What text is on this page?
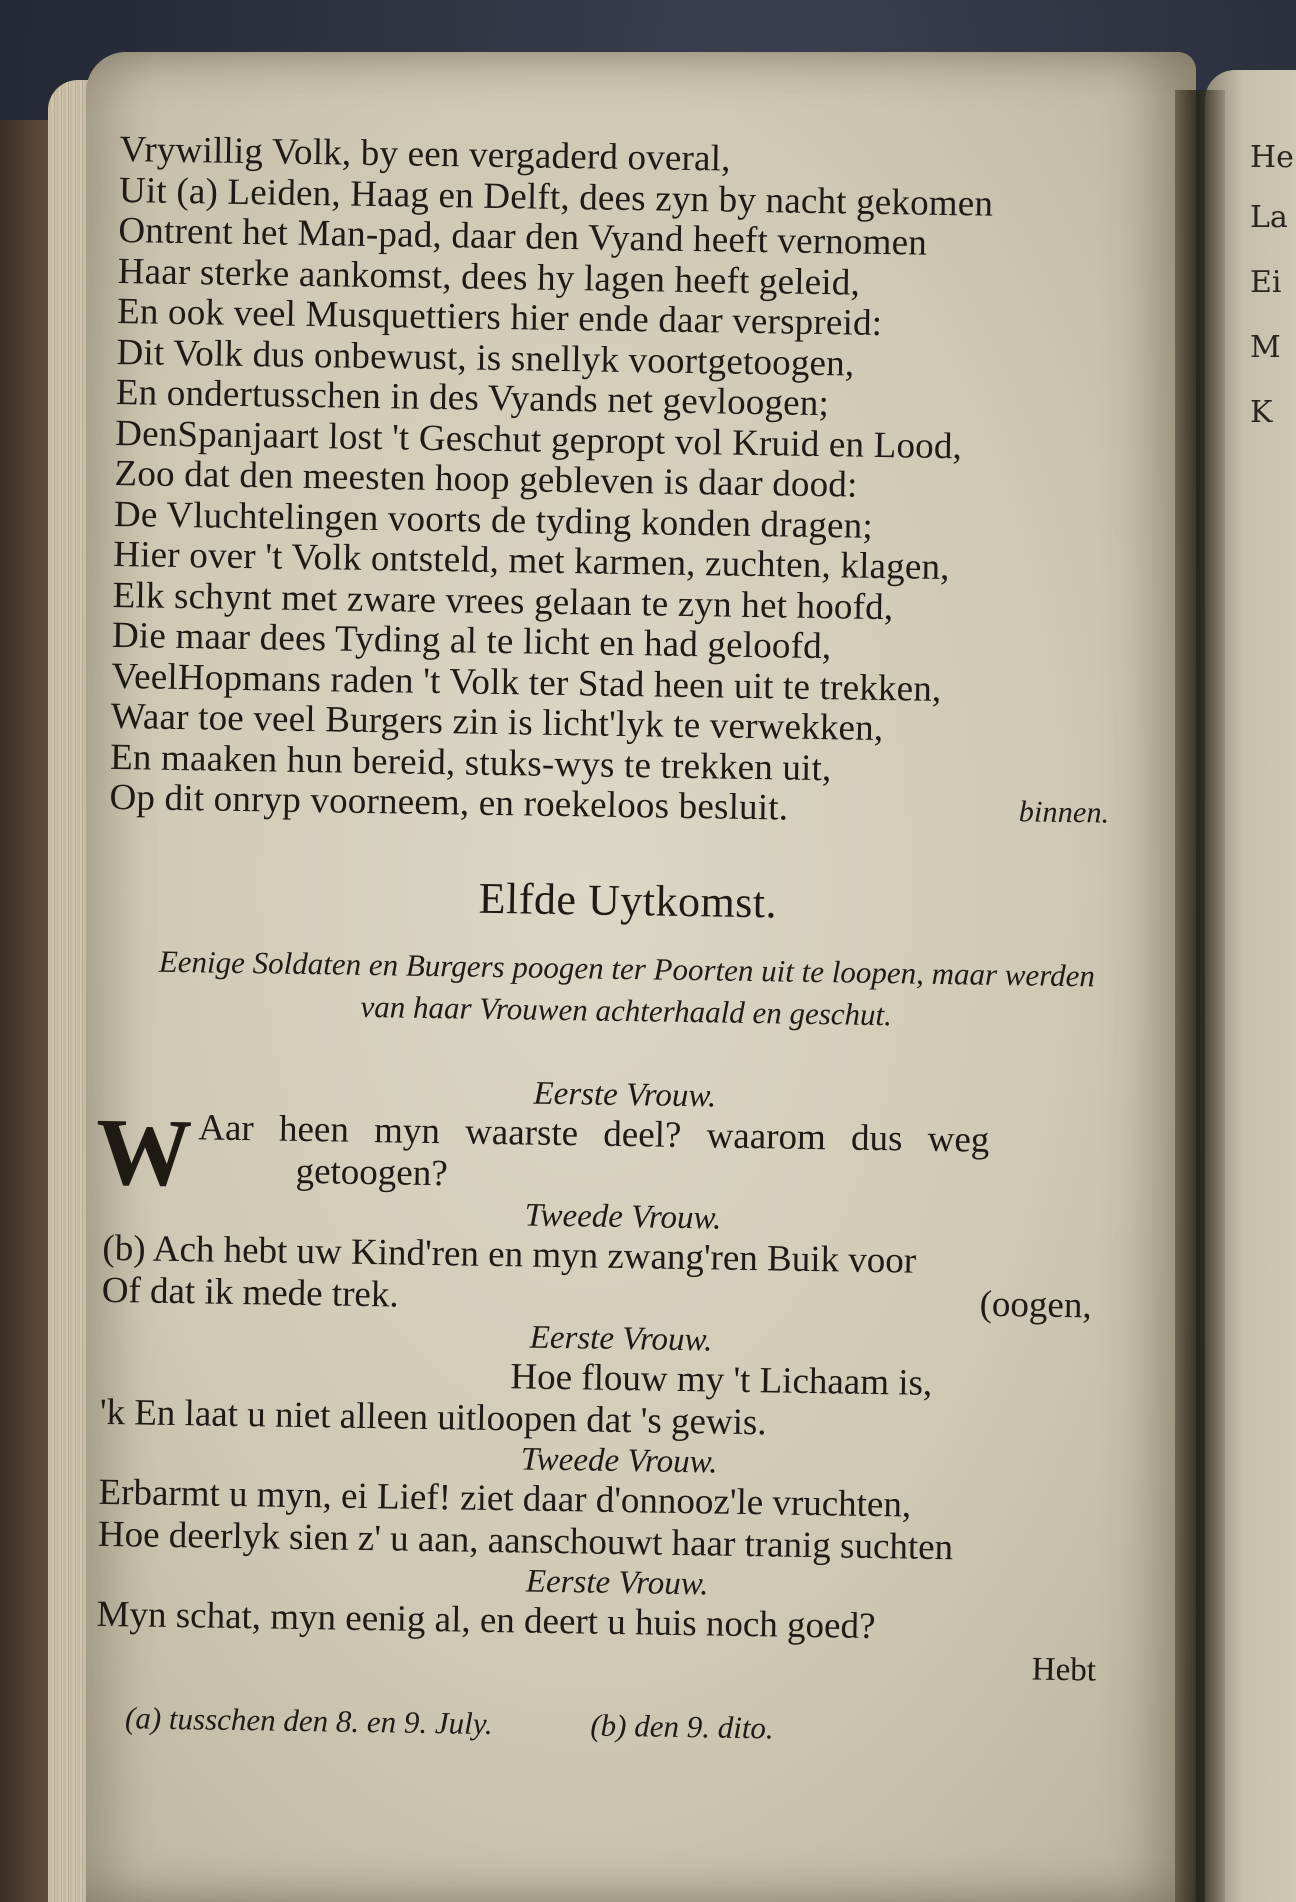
He
La
Ei
M
K
Vrywillig Volk, by een vergaderd overal,
Uit (a) Leiden, Haag en Delft, dees zyn by nacht gekomen
Ontrent het Man-pad, daar den Vyand heeft vernomen
Haar sterke aankomst, dees hy lagen heeft geleid,
En ook veel Musquettiers hier ende daar verspreid:
Dit Volk dus onbewust, is snellyk voortgetoogen,
En ondertusschen in des Vyands net gevloogen;
DenSpanjaart lost 't Geschut gepropt vol Kruid en Lood,
Zoo dat den meesten hoop gebleven is daar dood:
De Vluchtelingen voorts de tyding konden dragen;
Hier over 't Volk ontsteld, met karmen, zuchten, klagen,
Elk schynt met zware vrees gelaan te zyn het hoofd,
Die maar dees Tyding al te licht en had geloofd,
VeelHopmans raden 't Volk ter Stad heen uit te trekken,
Waar toe veel Burgers zin is licht'lyk te verwekken,
En maaken hun bereid, stuks-wys te trekken uit,
Op dit onryp voorneem, en roekeloos besluit.	binnen.
Elfde Uytkomst.
Eenige Soldaten en Burgers poogen ter Poorten uit te loopen, maar werden van haar Vrouwen achterhaald en geschut.
Eerste Vrouw.
W Aar heen myn waarste deel? waarom dus weg
getoogen?
Tweede Vrouw.
(b) Ach hebt uw Kind'ren en myn zwang'ren Buik voor
Of dat ik mede trek.	(oogen,
Eerste Vrouw.
Hoe flouw my 't Lichaam is,
'k En laat u niet alleen uitloopen dat 's gewis.
Tweede Vrouw.
Erbarmt u myn, ei Lief! ziet daar d'onnooz'le vruchten,
Hoe deerlyk sien z' u aan, aanschouwt haar tranig suchten
Eerste Vrouw.
Myn schat, myn eenig al, en deert u huis noch goed?
Hebt
(a) tusschen den 8. en 9. July.	(b) den 9. dito.
